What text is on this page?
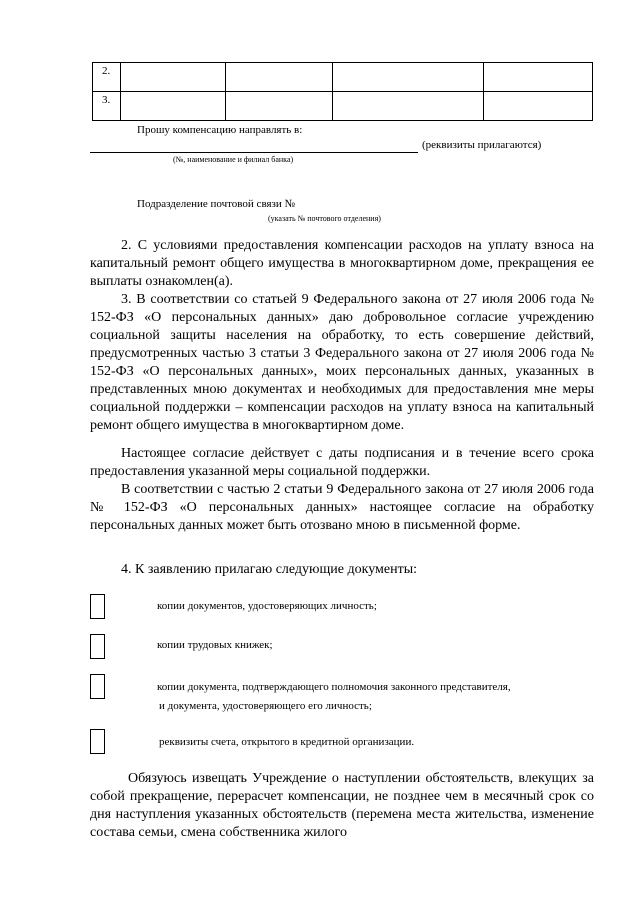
2.				
3.				
Прошу компенсацию направлять в:
(реквизиты прилагаются)
(№, наименование и филиал банка)
Подразделение почтовой связи №
(указать № почтового отделения)

2. С условиями предоставления компенсации расходов на уплату взноса на капитальный ремонт общего имущества в многоквартирном доме, прекращения ее выплаты ознакомлен(а).

3. В соответствии со статьей 9 Федерального закона от 27 июля 2006 года № 152-ФЗ «О персональных данных» даю добровольное согласие учреждению социальной защиты населения на обработку, то есть совершение действий, предусмотренных частью 3 статьи 3 Федерального закона от 27 июля 2006 года № 152-ФЗ «О персональных данных», моих персональных данных, указанных в представленных мною документах и необходимых для предоставления мне меры социальной поддержки – компенсации расходов на уплату взноса на капитальный ремонт общего имущества в многоквартирном доме.

Настоящее согласие действует с даты подписания и в течение всего срока предоставления указанной меры социальной поддержки.

В соответствии с частью 2 статьи 9 Федерального закона от 27 июля 2006 года № 152-ФЗ «О персональных данных» настоящее согласие на обработку персональных данных может быть отозвано мною в письменной форме.

4. К заявлению прилагаю следующие документы:
копии документов, удостоверяющих личность;
копии трудовых книжек;
копии документа, подтверждающего полномочия законного представителя,
и документа, удостоверяющего его личность;
реквизиты счета, открытого в кредитной организации.

Обязуюсь извещать Учреждение о наступлении обстоятельств, влекущих за собой прекращение, перерасчет компенсации, не позднее чем в месячный срок со дня наступления указанных обстоятельств (перемена места жительства, изменение состава семьи, смена собственника жилого
